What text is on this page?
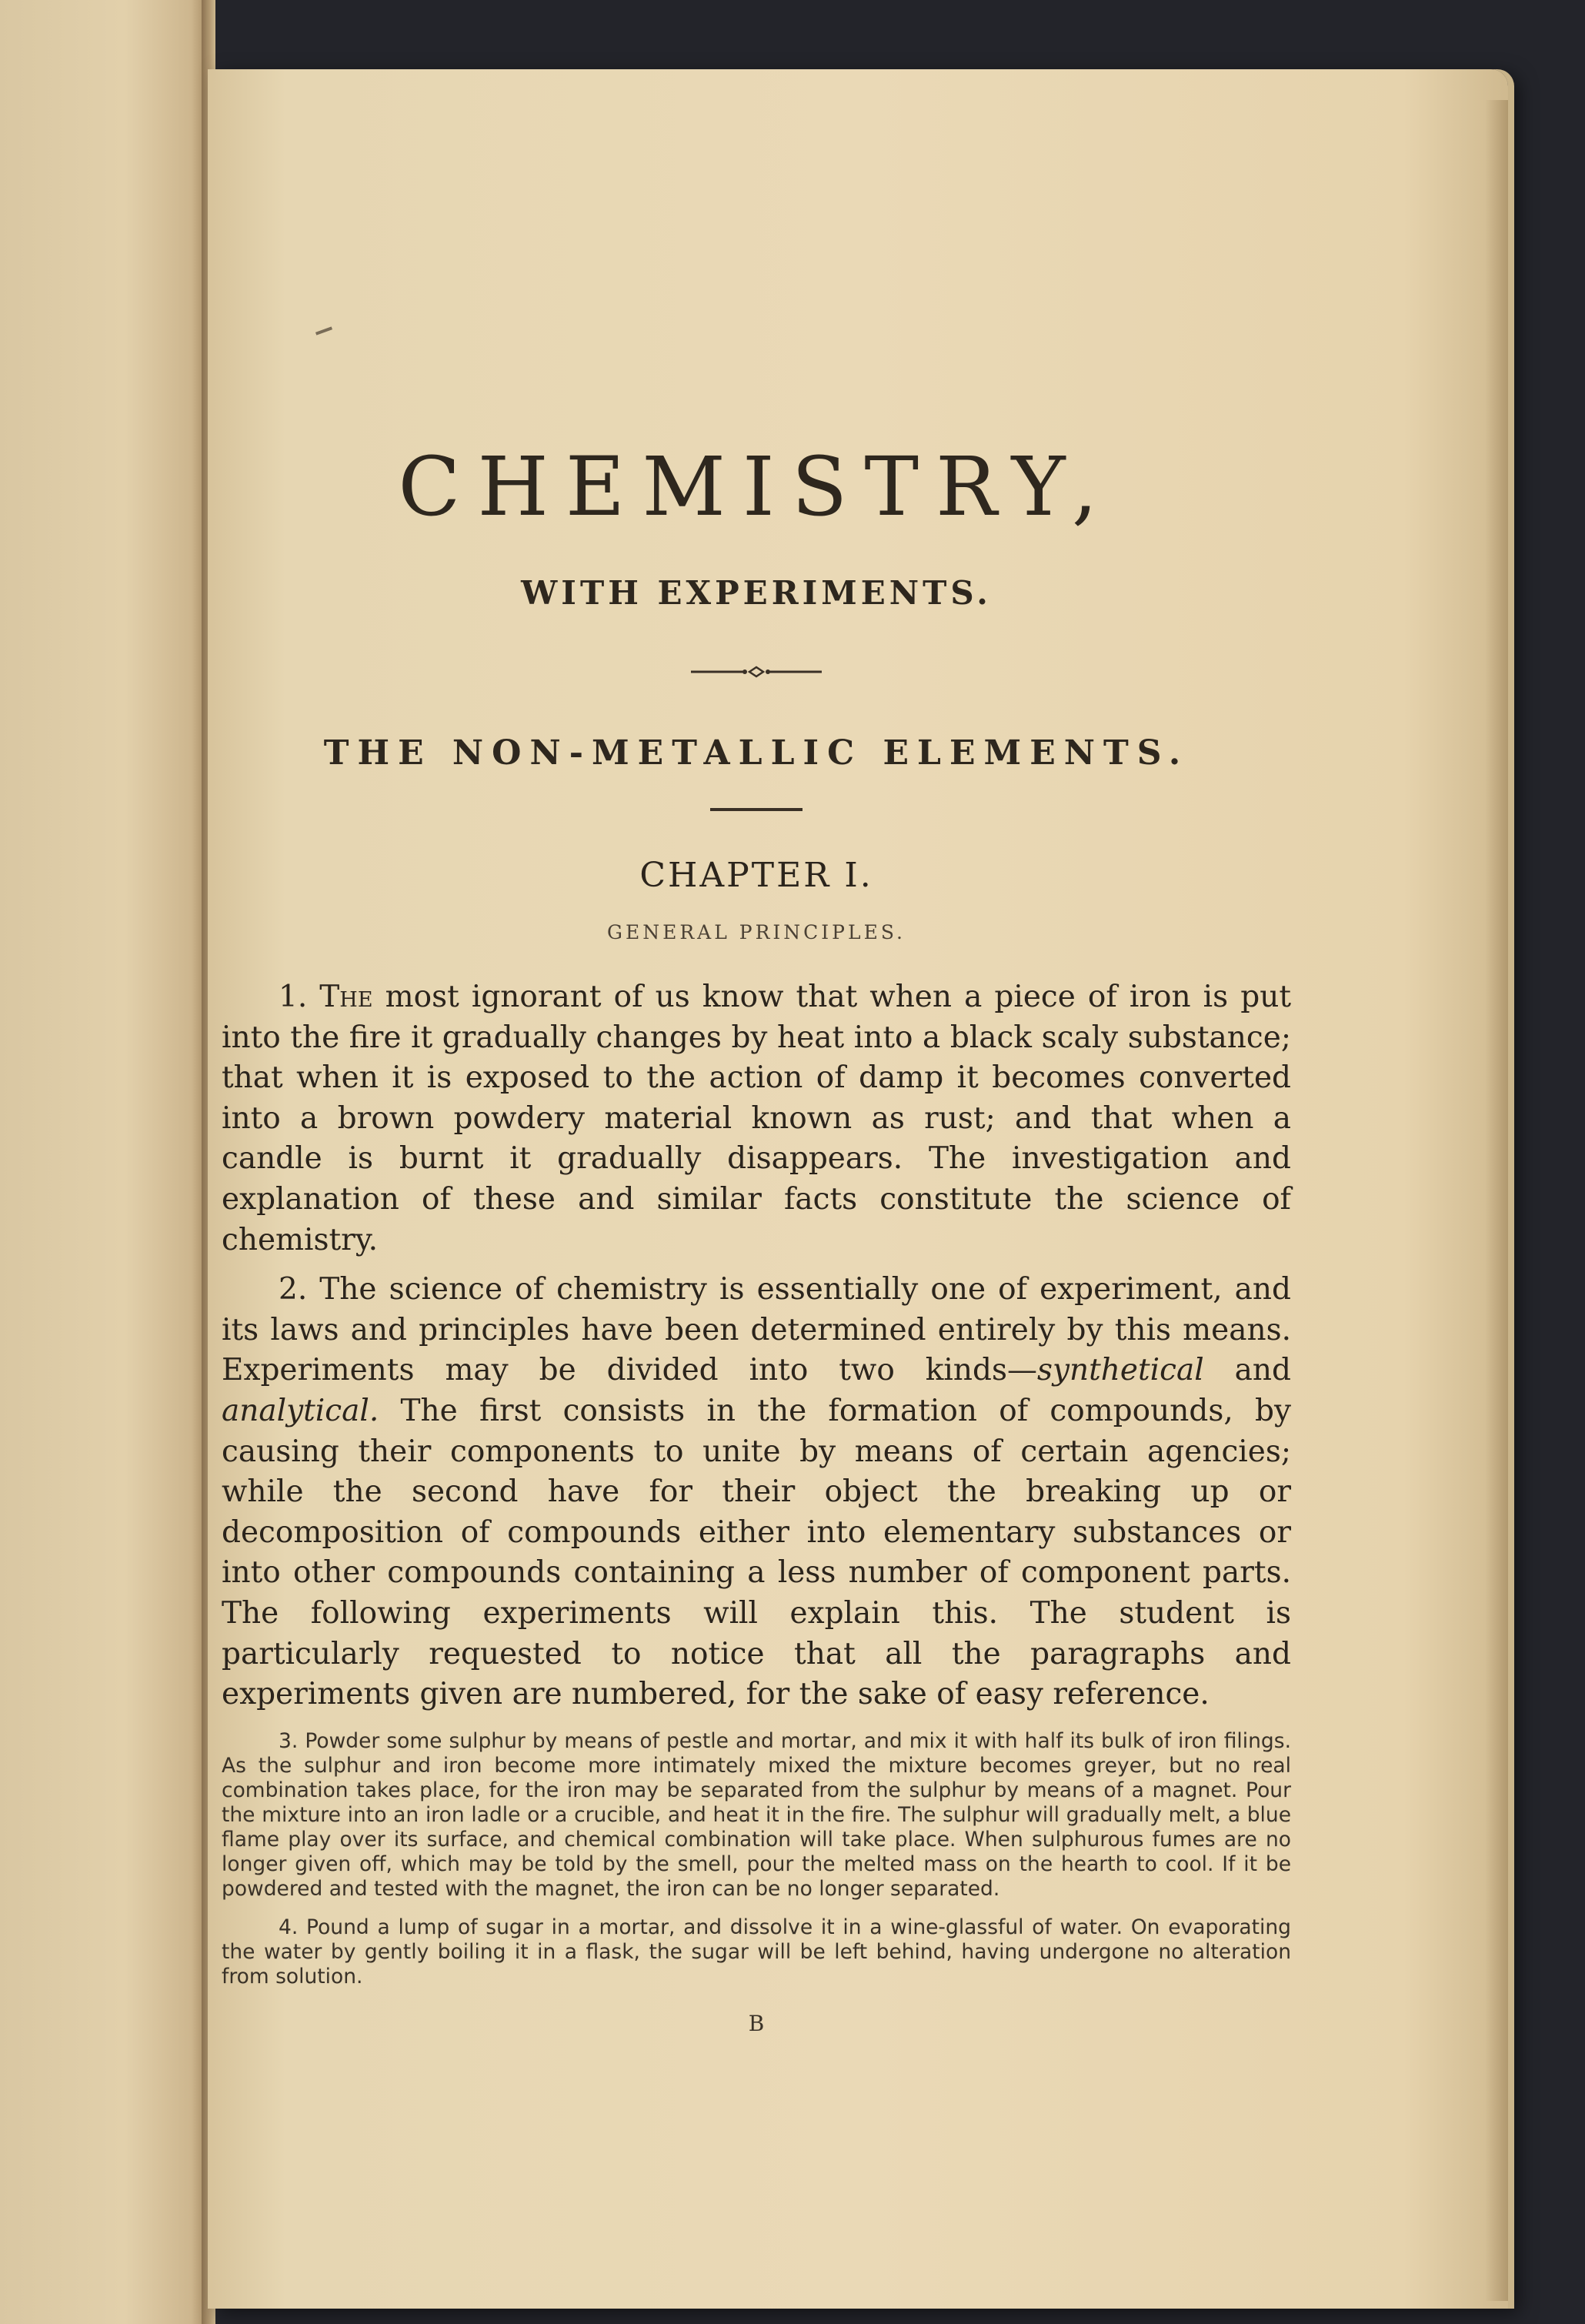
CHEMISTRY,
WITH EXPERIMENTS.
THE NON-METALLIC ELEMENTS.
CHAPTER I.
GENERAL PRINCIPLES.

1. The most ignorant of us know that when a piece of iron is put into the fire it gradually changes by heat into a black scaly substance; that when it is exposed to the action of damp it becomes converted into a brown powdery material known as rust; and that when a candle is burnt it gradually disappears. The investigation and explanation of these and similar facts constitute the science of chemistry.

2. The science of chemistry is essentially one of experiment, and its laws and principles have been determined entirely by this means. Experiments may be divided into two kinds—synthetical and analytical. The first consists in the formation of compounds, by causing their components to unite by means of certain agencies; while the second have for their object the breaking up or decomposition of compounds either into elementary substances or into other compounds containing a less number of component parts. The following experiments will explain this. The student is particularly requested to notice that all the paragraphs and experiments given are numbered, for the sake of easy reference.

3. Powder some sulphur by means of pestle and mortar, and mix it with half its bulk of iron filings. As the sulphur and iron become more intimately mixed the mixture becomes greyer, but no real combination takes place, for the iron may be separated from the sulphur by means of a magnet. Pour the mixture into an iron ladle or a crucible, and heat it in the fire. The sulphur will gradually melt, a blue flame play over its surface, and chemical combination will take place. When sulphurous fumes are no longer given off, which may be told by the smell, pour the melted mass on the hearth to cool. If it be powdered and tested with the magnet, the iron can be no longer separated.

4. Pound a lump of sugar in a mortar, and dissolve it in a wine-glassful of water. On evaporating the water by gently boiling it in a flask, the sugar will be left behind, having undergone no alteration from solution.

B
